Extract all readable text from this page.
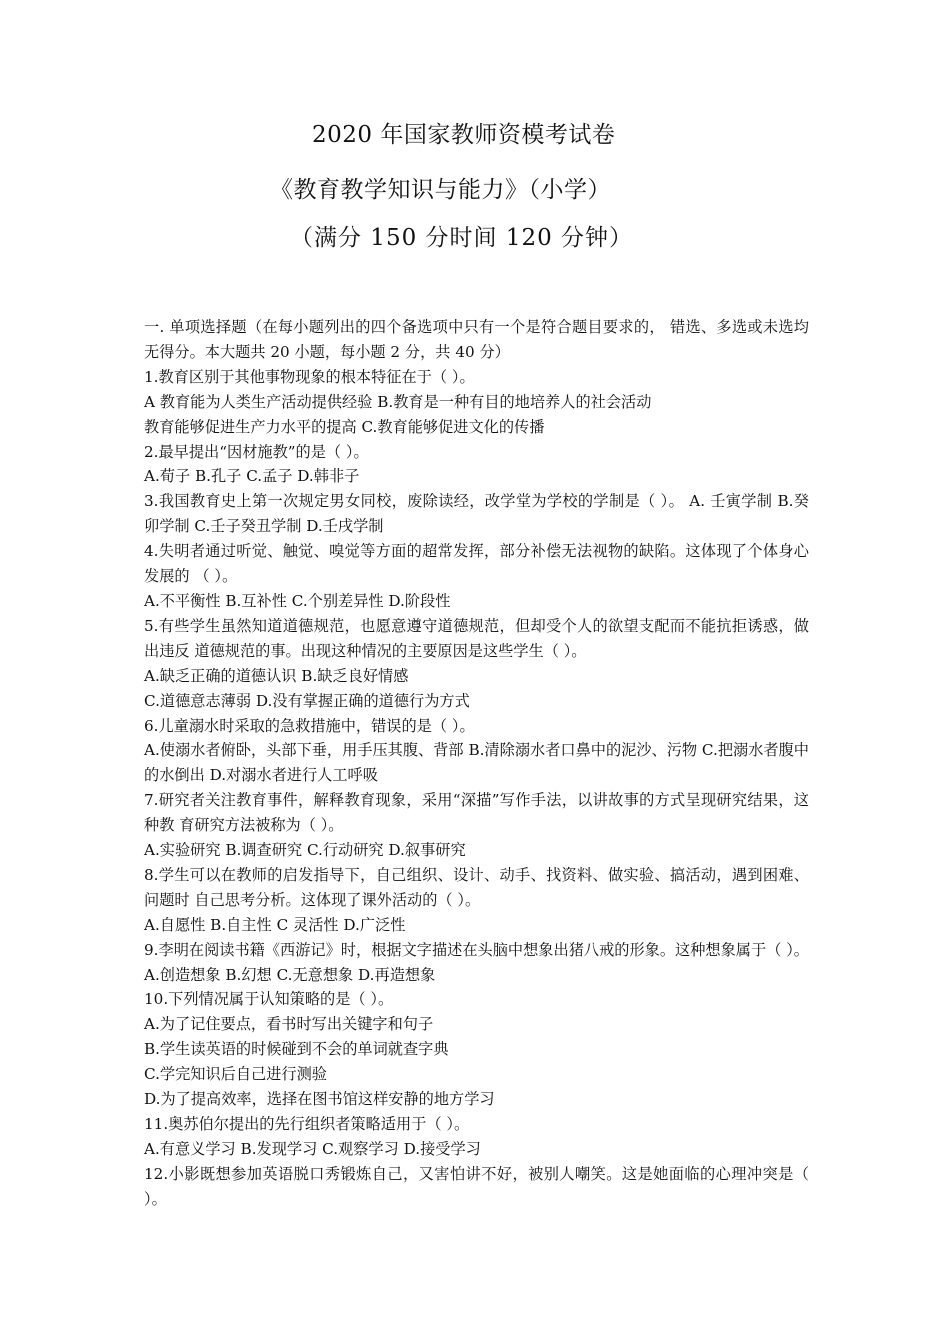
2020 年国家教师资模考试卷
《教育教学知识与能力》（小学）
（满分 150 分时间 120 分钟）

一. 单项选择题（在每小题列出的四个备选项中只有一个是符合题目要求的， 错选、多选或未选均无得分。本大题共 20 小题，每小题 2 分，共 40 分）

1.教育区别于其他事物现象的根本特征在于（ ）。

A 教育能为人类生产活动提供经验 B.教育是一种有目的地培养人的社会活动

教育能够促进生产力水平的提高 C.教育能够促进文化的传播

2.最早提出“因材施教”的是（ ）。

A.荀子 B.孔子 C.孟子 D.韩非子

3.我国教育史上第一次规定男女同校，废除读经，改学堂为学校的学制是（ ）。 A. 壬寅学制 B.癸卯学制 C.壬子癸丑学制 D.壬戌学制

4.失明者通过听觉、触觉、嗅觉等方面的超常发挥，部分补偿无法视物的缺陷。这体现了个体身心发展的 （ ）。

A.不平衡性 B.互补性 C.个别差异性 D.阶段性

5.有些学生虽然知道道德规范，也愿意遵守道德规范，但却受个人的欲望支配而不能抗拒诱惑，做出违反 道德规范的事。出现这种情况的主要原因是这些学生（ ）。

A.缺乏正确的道德认识 B.缺乏良好情感

C.道德意志薄弱 D.没有掌握正确的道德行为方式

6.儿童溺水时采取的急救措施中，错误的是（ ）。

A.使溺水者俯卧，头部下垂，用手压其腹、背部 B.清除溺水者口鼻中的泥沙、污物 C.把溺水者腹中的水倒出 D.对溺水者进行人工呼吸

7.研究者关注教育事件，解释教育现象，采用“深描”写作手法，以讲故事的方式呈现研究结果，这种教 育研究方法被称为（ ）。

A.实验研究 B.调查研究 C.行动研究 D.叙事研究

8.学生可以在教师的启发指导下，自己组织、设计、动手、找资料、做实验、搞活动，遇到困难、问题时 自己思考分析。这体现了课外活动的（ ）。

A.自愿性 B.自主性 C 灵活性 D.广泛性

9.李明在阅读书籍《西游记》时，根据文字描述在头脑中想象出猪八戒的形象。这种想象属于（ ）。 A.创造想象 B.幻想 C.无意想象 D.再造想象

10.下列情况属于认知策略的是（ ）。

A.为了记住要点，看书时写出关键字和句子

B.学生读英语的时候碰到不会的单词就查字典

C.学完知识后自己进行测验

D.为了提高效率，选择在图书馆这样安静的地方学习

11.奥苏伯尔提出的先行组织者策略适用于（ ）。

A.有意义学习 B.发现学习 C.观察学习 D.接受学习

12.小影既想参加英语脱口秀锻炼自己，又害怕讲不好，被别人嘲笑。这是她面临的心理冲突是（ ）。
